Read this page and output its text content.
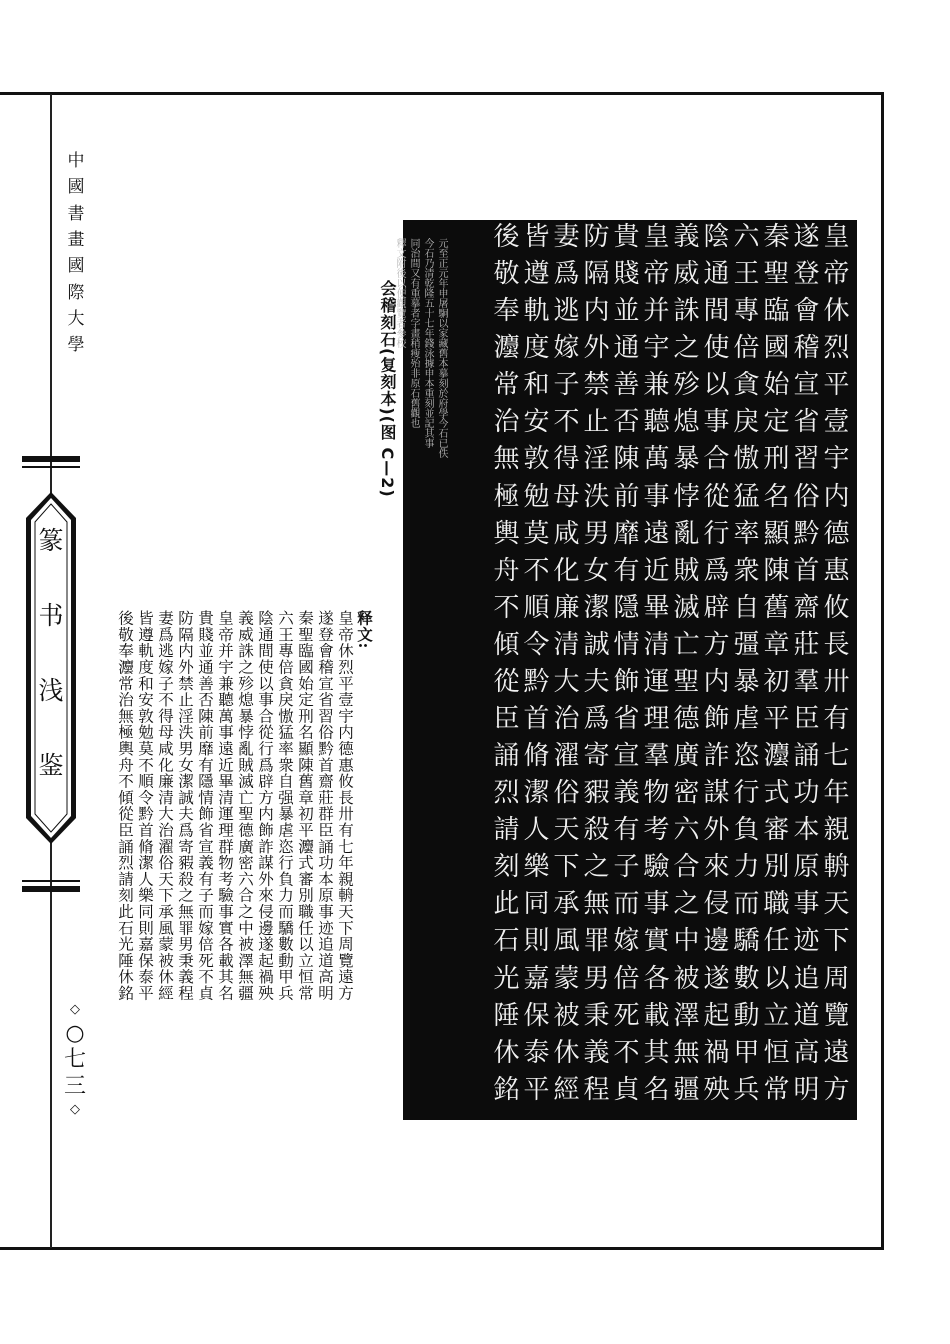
中
國
書
畫
國
際
大
學
篆
书
浅
鉴
◇
○
七
三
◇
会稽刻石(复刻本)(图 C—2)	元至正元年申屠駉以家藏舊本摹刻於府學今石已佚
今石乃清乾隆五十七年錢泳據申本重刻並記其事
同治間又有重摹者字畫稍瘦殆非原石舊觀也
釋文附後以便觀覽者參校
皇
帝
休
烈
平
壹
宇
内
德
惠
攸
長
卅
有
七
年
親
輈
天
下
周
覽
遠
方
遂
登
會
稽
宣
省
習
俗
黔
首
齋
莊
羣
臣
誦
功
本
原
事
迹
追
道
高
明
秦
聖
臨
國
始
定
刑
名
顯
陳
舊
章
初
平
灋
式
審
別
職
任
以
立
恒
常
六
王
專
倍
貪
戾
慠
猛
率
衆
自
彊
暴
虐
恣
行
負
力
而
驕
數
動
甲
兵
陰
通
間
使
以
事
合
從
行
爲
辟
方
内
飾
詐
謀
外
來
侵
邊
遂
起
禍
殃
義
威
誅
之
殄
熄
暴
悖
亂
賊
滅
亡
聖
德
廣
密
六
合
之
中
被
澤
無
疆
皇
帝
并
宇
兼
聽
萬
事
遠
近
畢
清
運
理
羣
物
考
驗
事
實
各
載
其
名
貴
賤
並
通
善
否
陳
前
靡
有
隱
情
飾
省
宣
義
有
子
而
嫁
倍
死
不
貞
防
隔
内
外
禁
止
淫
泆
男
女
潔
誠
夫
爲
寄
豭
殺
之
無
罪
男
秉
義
程
妻
爲
逃
嫁
子
不
得
母
咸
化
廉
清
大
治
濯
俗
天
下
承
風
蒙
被
休
經
皆
遵
軌
度
和
安
敦
勉
莫
不
順
令
黔
首
脩
潔
人
樂
同
則
嘉
保
泰
平
後
敬
奉
灋
常
治
無
極
輿
舟
不
傾
從
臣
誦
烈
請
刻
此
石
光
陲
休
銘
释文:
皇帝休烈平壹宇内德惠攸長卅有七年親輈天下周覽遠方
遂登會稽宣省習俗黔首齋莊群臣誦功本原事迹追道高明
秦聖臨國始定刑名顯陳舊章初平灋式審別職任以立恒常
六王專倍貪戾慠猛率衆自强暴虐恣行負力而驕數動甲兵
陰通間使以事合從行爲辟方内飾詐謀外來侵邊遂起禍殃
義威誅之殄熄暴悖亂賊滅亡聖德廣密六合之中被澤無疆
皇帝并宇兼聽萬事遠近畢清運理群物考驗事實各載其名
貴賤並通善否陳前靡有隱情飾省宣義有子而嫁倍死不貞
防隔内外禁止淫泆男女潔誠夫爲寄豭殺之無罪男秉義程
妻爲逃嫁子不得母咸化廉清大治濯俗天下承風蒙被休經
皆遵軌度和安敦勉莫不順令黔首脩潔人樂同則嘉保泰平
後敬奉灋常治無極輿舟不傾從臣誦烈請刻此石光陲休銘
